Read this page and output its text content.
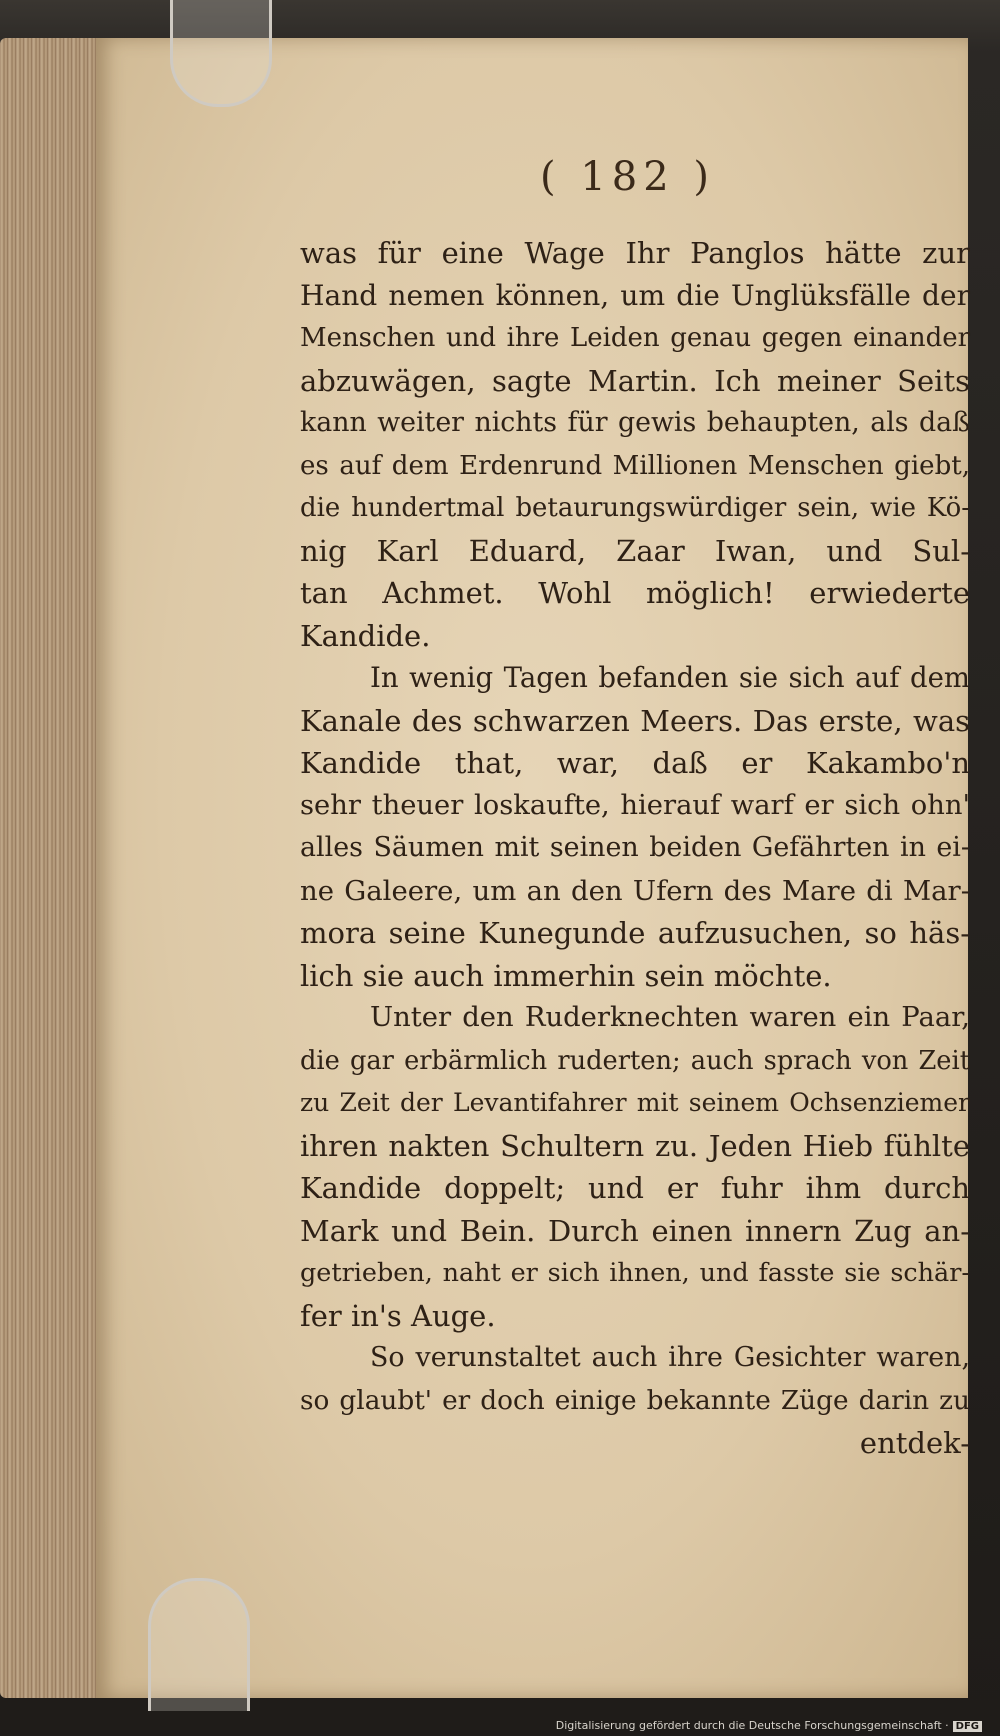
( 182 )
was für eine Wage Ihr Panglos hätte zur
Hand nemen können, um die Unglüksfälle der
Menschen und ihre Leiden genau gegen einander
abzuwägen, sagte Martin. Ich meiner Seits
kann weiter nichts für gewis behaupten, als daß
es auf dem Erdenrund Millionen Menschen giebt,
die hundertmal betaurungswürdiger sein, wie Kö-
nig Karl Eduard, Zaar Iwan, und Sul-
tan Achmet. Wohl möglich! erwiederte
Kandide.
In wenig Tagen befanden sie sich auf dem
Kanale des schwarzen Meers. Das erste, was
Kandide that, war, daß er Kakambo'n
sehr theuer loskaufte, hierauf warf er sich ohn'
alles Säumen mit seinen beiden Gefährten in ei-
ne Galeere, um an den Ufern des Mare di Mar-
mora seine Kunegunde aufzusuchen, so häs-
lich sie auch immerhin sein möchte.
Unter den Ruderknechten waren ein Paar,
die gar erbärmlich ruderten; auch sprach von Zeit
zu Zeit der Levantifahrer mit seinem Ochsenziemer
ihren nakten Schultern zu. Jeden Hieb fühlte
Kandide doppelt; und er fuhr ihm durch
Mark und Bein. Durch einen innern Zug an-
getrieben, naht er sich ihnen, und fasste sie schär-
fer in's Auge.
So verunstaltet auch ihre Gesichter waren,
so glaubt' er doch einige bekannte Züge darin zu
entdek-
Digitalisierung gefördert durch die Deutsche Forschungsgemeinschaft · DFG
